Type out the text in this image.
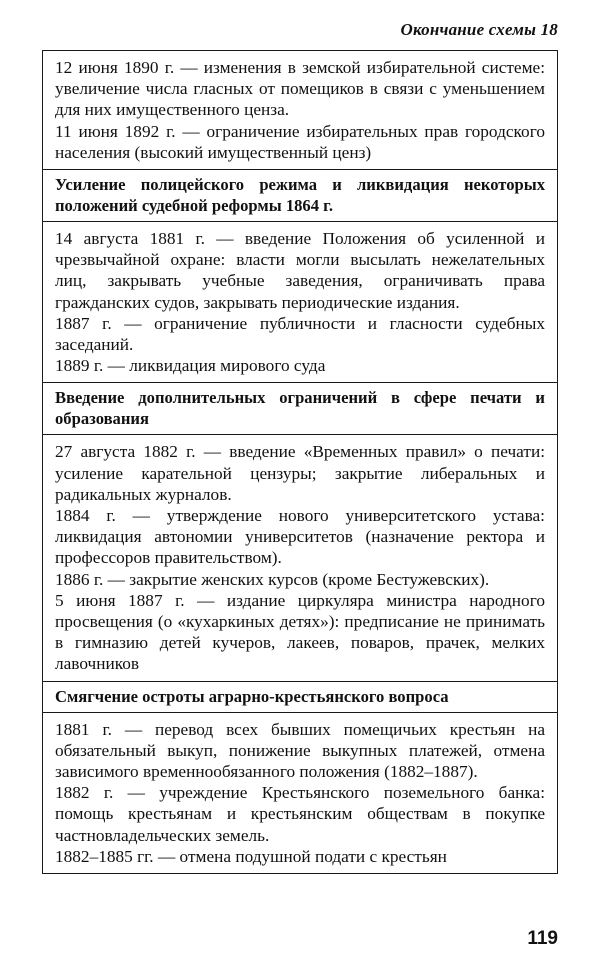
Окончание схемы 18

12 июня 1890 г. — изменения в земской избирательной системе: увеличение числа гласных от помещиков в связи с уменьшением для них имущественного ценза.

11 июня 1892 г. — ограничение избирательных прав городского населения (высокий имущественный ценз)

Усиление полицейского режима и ликвидация некоторых положений судебной реформы 1864 г.

14 августа 1881 г. — введение Положения об усиленной и чрезвычайной охране: власти могли высылать нежелательных лиц, закрывать учебные заведения, ограничивать права гражданских судов, закрывать периодические издания.

1887 г. — ограничение публичности и гласности судебных заседаний.

1889 г. — ликвидация мирового суда

Введение дополнительных ограничений в сфере печати и образования

27 августа 1882 г. — введение «Временных правил» о печати: усиление карательной цензуры; закрытие либеральных и радикальных журналов.

1884 г. — утверждение нового университетского устава: ликвидация автономии университетов (назначение ректора и профессоров правительством).

1886 г. — закрытие женских курсов (кроме Бестужевских).

5 июня 1887 г. — издание циркуляра министра народного просвещения (о «кухаркиных детях»): предписание не принимать в гимназию детей кучеров, лакеев, поваров, прачек, мелких лавочников

Смягчение остроты аграрно-крестьянского вопроса

1881 г. — перевод всех бывших помещичьих крестьян на обязательный выкуп, понижение выкупных платежей, отмена зависимого временнообязанного положения (1882–1887).

1882 г. — учреждение Крестьянского поземельного банка: помощь крестьянам и крестьянским обществам в покупке частновладельческих земель.

1882–1885 гг. — отмена подушной подати с крестьян

119
